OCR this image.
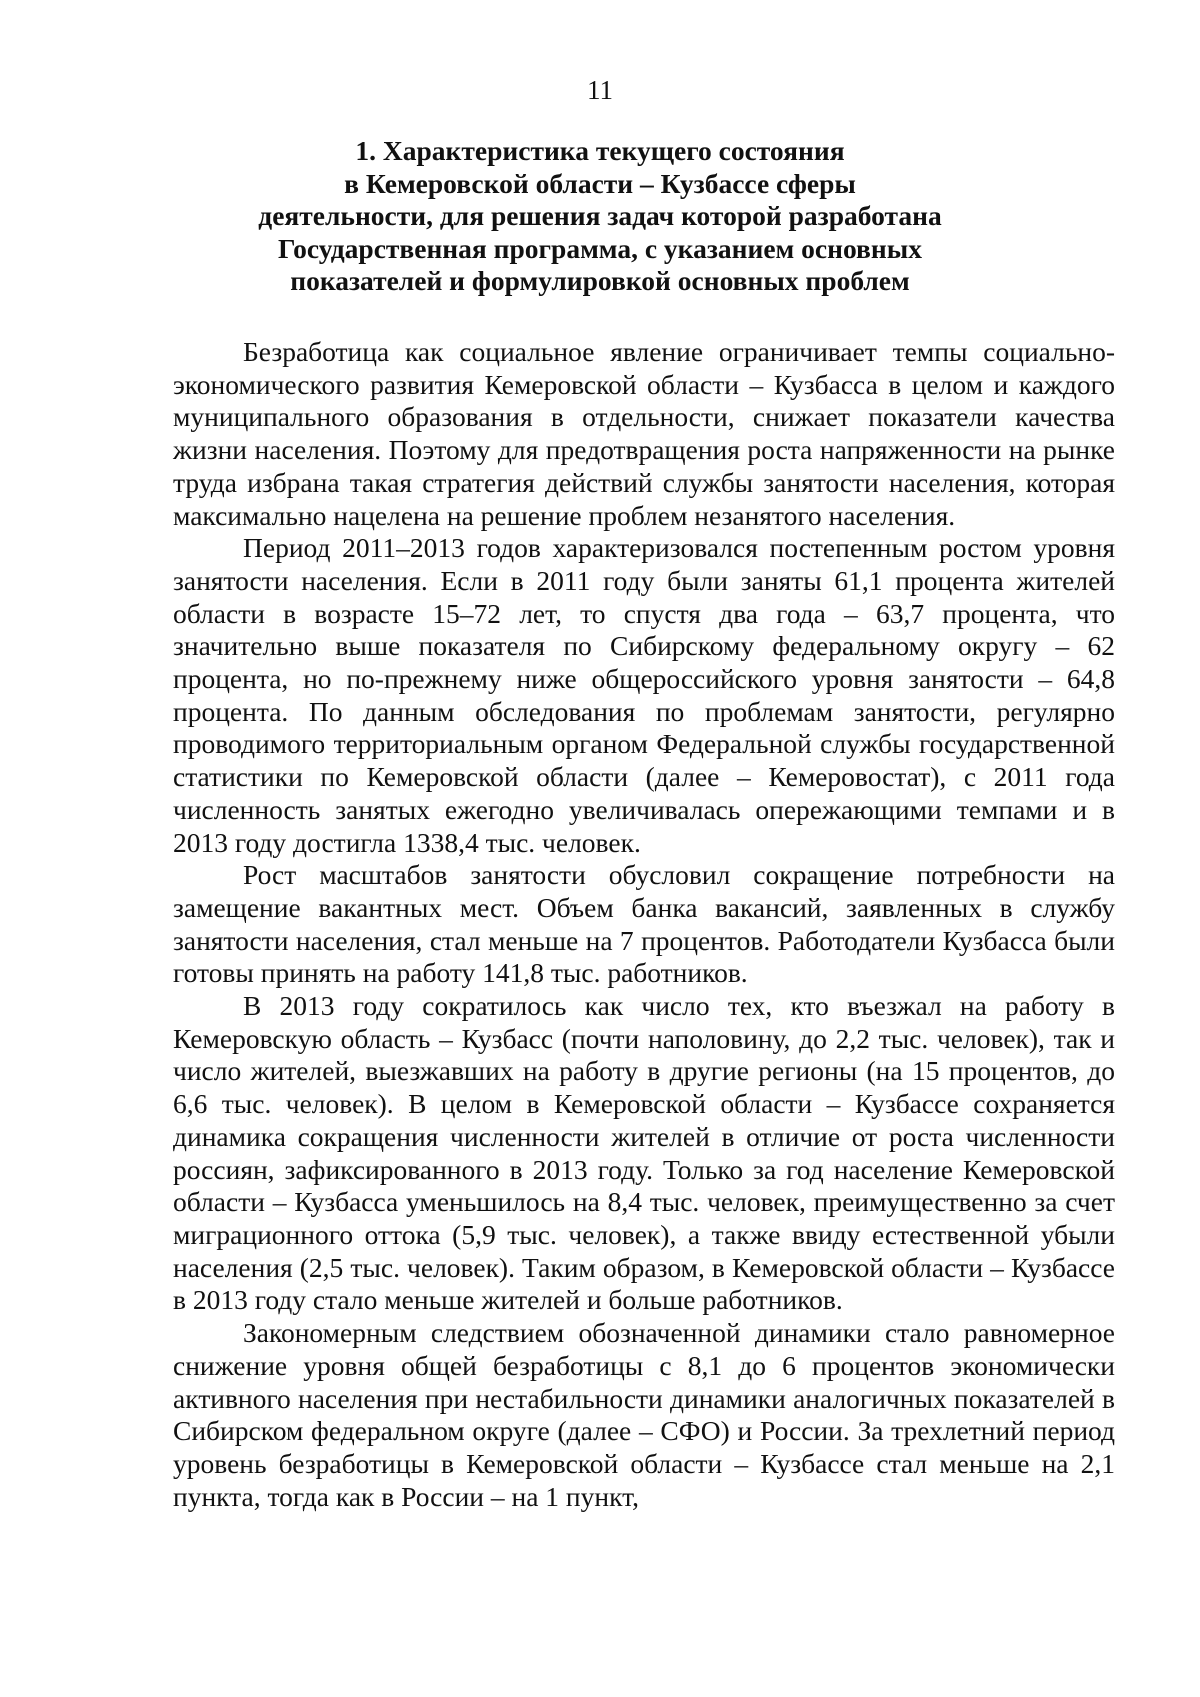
11
1. Характеристика текущего состояния
в Кемеровской области – Кузбассе сферы
деятельности, для решения задач которой разработана
Государственная программа, с указанием основных
показателей и формулировкой основных проблем

Безработица как социальное явление ограничивает темпы социально-экономического развития Кемеровской области – Кузбасса в целом и каждого муниципального образования в отдельности, снижает показатели качества жизни населения. Поэтому для предотвращения роста напряженности на рынке труда избрана такая стратегия действий службы занятости населения, которая максимально нацелена на решение проблем незанятого населения.

Период 2011–2013 годов характеризовался постепенным ростом уровня занятости населения. Если в 2011 году были заняты 61,1 процента жителей области в возрасте 15–72 лет, то спустя два года – 63,7 процента, что значительно выше показателя по Сибирскому федеральному округу – 62 процента, но по-прежнему ниже общероссийского уровня занятости – 64,8 процента. По данным обследования по проблемам занятости, регулярно проводимого территориальным органом Федеральной службы государственной статистики по Кемеровской области (далее – Кемеровостат), с 2011 года численность занятых ежегодно увеличивалась опережающими темпами и в 2013 году достигла 1338,4 тыс. человек.

Рост масштабов занятости обусловил сокращение потребности на замещение вакантных мест. Объем банка вакансий, заявленных в службу занятости населения, стал меньше на 7 процентов. Работодатели Кузбасса были готовы принять на работу 141,8 тыс. работников.

В 2013 году сократилось как число тех, кто въезжал на работу в Кемеровскую область – Кузбасс (почти наполовину, до 2,2 тыс. человек), так и число жителей, выезжавших на работу в другие регионы (на 15 процентов, до 6,6 тыс. человек). В целом в Кемеровской области – Кузбассе сохраняется динамика сокращения численности жителей в отличие от роста численности россиян, зафиксированного в 2013 году. Только за год население Кемеровской области – Кузбасса уменьшилось на 8,4 тыс. человек, преимущественно за счет миграционного оттока (5,9 тыс. человек), а также ввиду естественной убыли населения (2,5 тыс. человек). Таким образом, в Кемеровской области – Кузбассе в 2013 году стало меньше жителей и больше работников.

Закономерным следствием обозначенной динамики стало равномерное снижение уровня общей безработицы с 8,1 до 6 процентов экономически активного населения при нестабильности динамики аналогичных показателей в Сибирском федеральном округе (далее – СФО) и России. За трехлетний период уровень безработицы в Кемеровской области – Кузбассе стал меньше на 2,1 пункта, тогда как в России – на 1 пункт,
